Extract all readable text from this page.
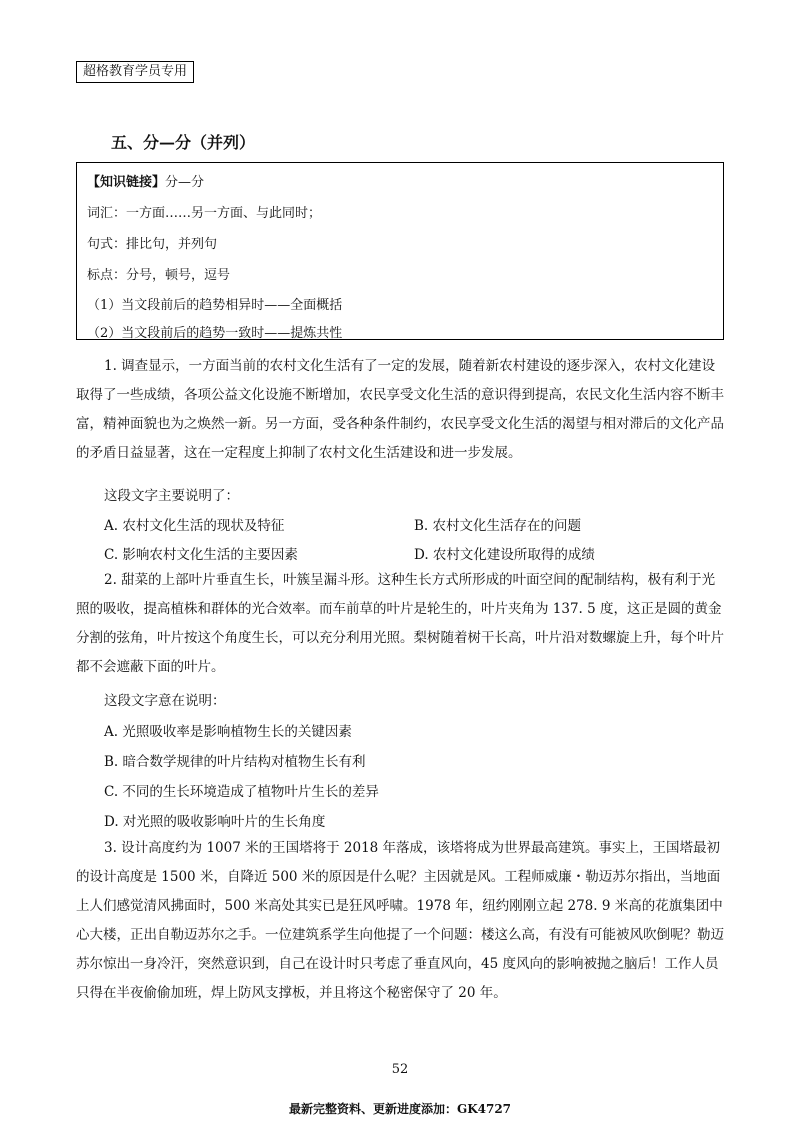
超格教育学员专用
五、分—分（并列）
【知识链接】分—分
词汇：一方面……另一方面、与此同时；
句式：排比句，并列句
标点：分号，顿号，逗号
（1）当文段前后的趋势相异时——全面概括
（2）当文段前后的趋势一致时——提炼共性
1. 调查显示，一方面当前的农村文化生活有了一定的发展，随着新农村建设的逐步深入，农村文化建设取得了一些成绩，各项公益文化设施不断增加，农民享受文化生活的意识得到提高，农民文化生活内容不断丰富，精神面貌也为之焕然一新。另一方面，受各种条件制约，农民享受文化生活的渴望与相对滞后的文化产品的矛盾日益显著，这在一定程度上抑制了农村文化生活建设和进一步发展。
这段文字主要说明了：
A. 农村文化生活的现状及特征	B. 农村文化生活存在的问题
C. 影响农村文化生活的主要因素	D. 农村文化建设所取得的成绩
2. 甜菜的上部叶片垂直生长，叶簇呈漏斗形。这种生长方式所形成的叶面空间的配制结构，极有利于光照的吸收，提高植株和群体的光合效率。而车前草的叶片是轮生的，叶片夹角为 137. 5 度，这正是圆的黄金分割的弦角，叶片按这个角度生长，可以充分利用光照。梨树随着树干长高，叶片沿对数螺旋上升，每个叶片都不会遮蔽下面的叶片。
这段文字意在说明：
A. 光照吸收率是影响植物生长的关键因素
B. 暗合数学规律的叶片结构对植物生长有利
C. 不同的生长环境造成了植物叶片生长的差异
D. 对光照的吸收影响叶片的生长角度
3. 设计高度约为 1007 米的王国塔将于 2018 年落成，该塔将成为世界最高建筑。事实上，王国塔最初的设计高度是 1500 米，自降近 500 米的原因是什么呢？主因就是风。工程师威廉・勒迈苏尔指出，当地面上人们感觉清风拂面时，500 米高处其实已是狂风呼啸。1978 年，纽约刚刚立起 278. 9 米高的花旗集团中心大楼，正出自勒迈苏尔之手。一位建筑系学生向他提了一个问题：楼这么高，有没有可能被风吹倒呢？勒迈苏尔惊出一身冷汗，突然意识到，自己在设计时只考虑了垂直风向，45 度风向的影响被抛之脑后！工作人员只得在半夜偷偷加班，焊上防风支撑板，并且将这个秘密保守了 20 年。
52
最新完整资料、更新进度添加：GK4727
